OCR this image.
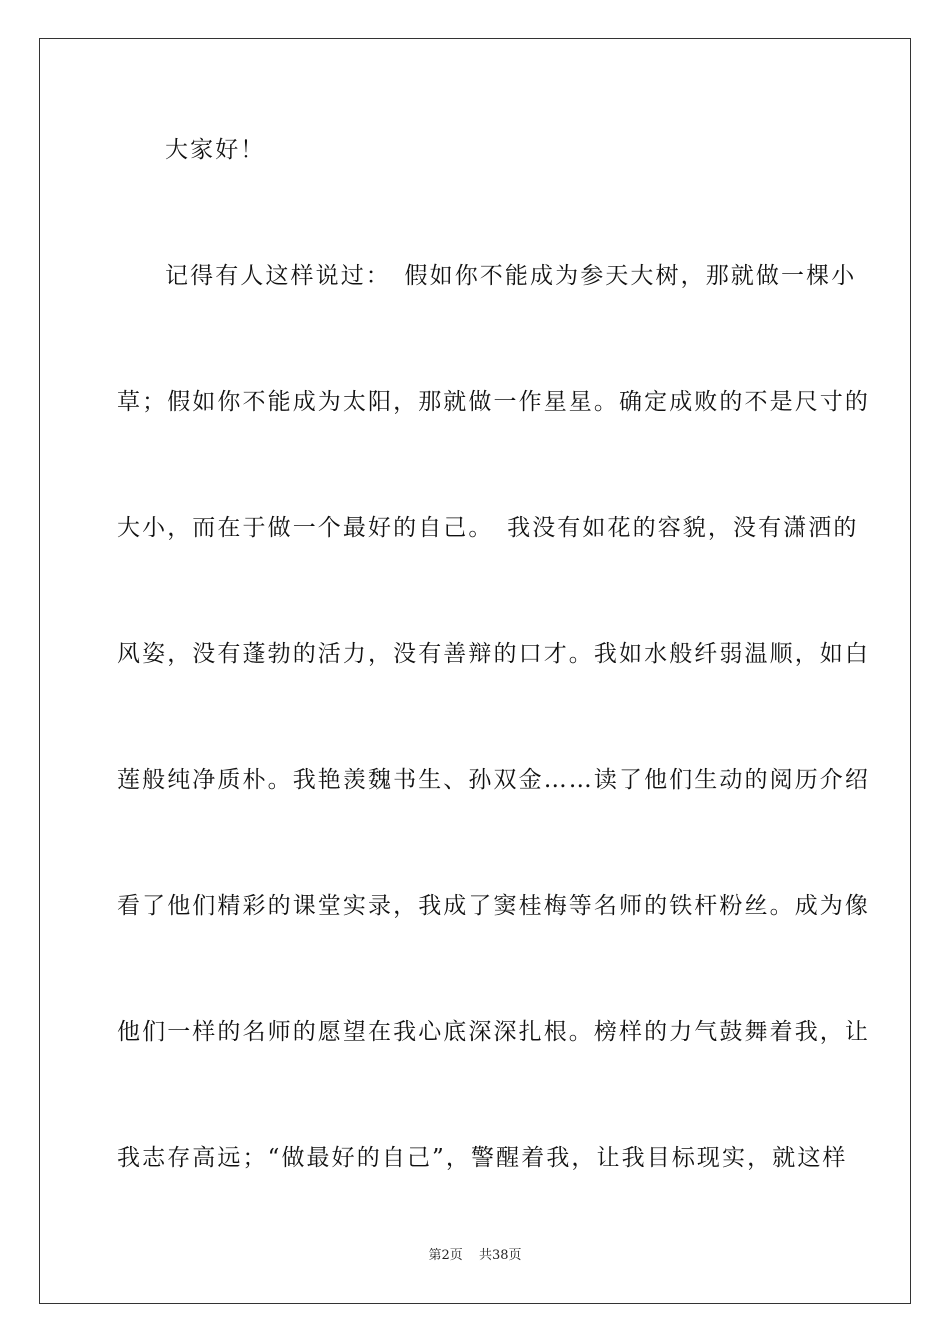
大家好！
记得有人这样说过：　假如你不能成为参天大树，那就做一棵小
草；假如你不能成为太阳，那就做一作星星。确定成败的不是尺寸的
大小，而在于做一个最好的自己。　我没有如花的容貌，没有潇洒的
风姿，没有蓬勃的活力，没有善辩的口才。我如水般纤弱温顺，如白
莲般纯净质朴。我艳羡魏书生、孙双金……读了他们生动的阅历介绍
看了他们精彩的课堂实录，我成了窦桂梅等名师的铁杆粉丝。成为像
他们一样的名师的愿望在我心底深深扎根。榜样的力气鼓舞着我，让
我志存高远；“做最好的自己”，警醒着我，让我目标现实，就这样
第2页 共38页
